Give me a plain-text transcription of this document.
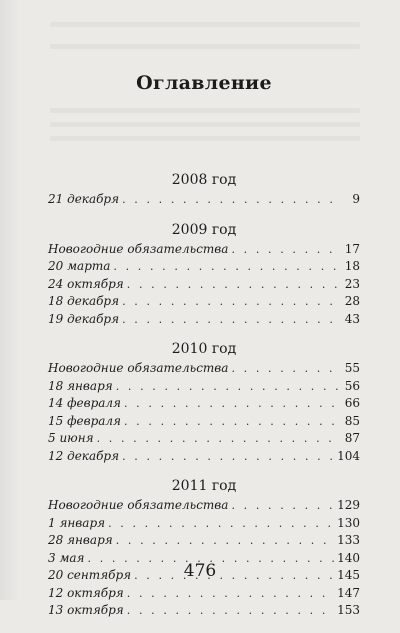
Оглавление
2008 год
21 декабря . . .	9
2009 год
Новогодние обязательства . . .	17
20 марта . . .	18
24 октября . . .	23
18 декабря . . .	28
19 декабря . . .	43
2010 год
Новогодние обязательства . . .	55
18 января . . .	56
14 февраля . . .	66
15 февраля . . .	85
5 июня . . .	87
12 декабря . . .	104
2011 год
Новогодние обязательства . . .	129
1 января . . .	130
28 января . . .	133
3 мая . . .	140
20 сентября . . .	145
12 октября . . .	147
13 октября . . .	153
476
